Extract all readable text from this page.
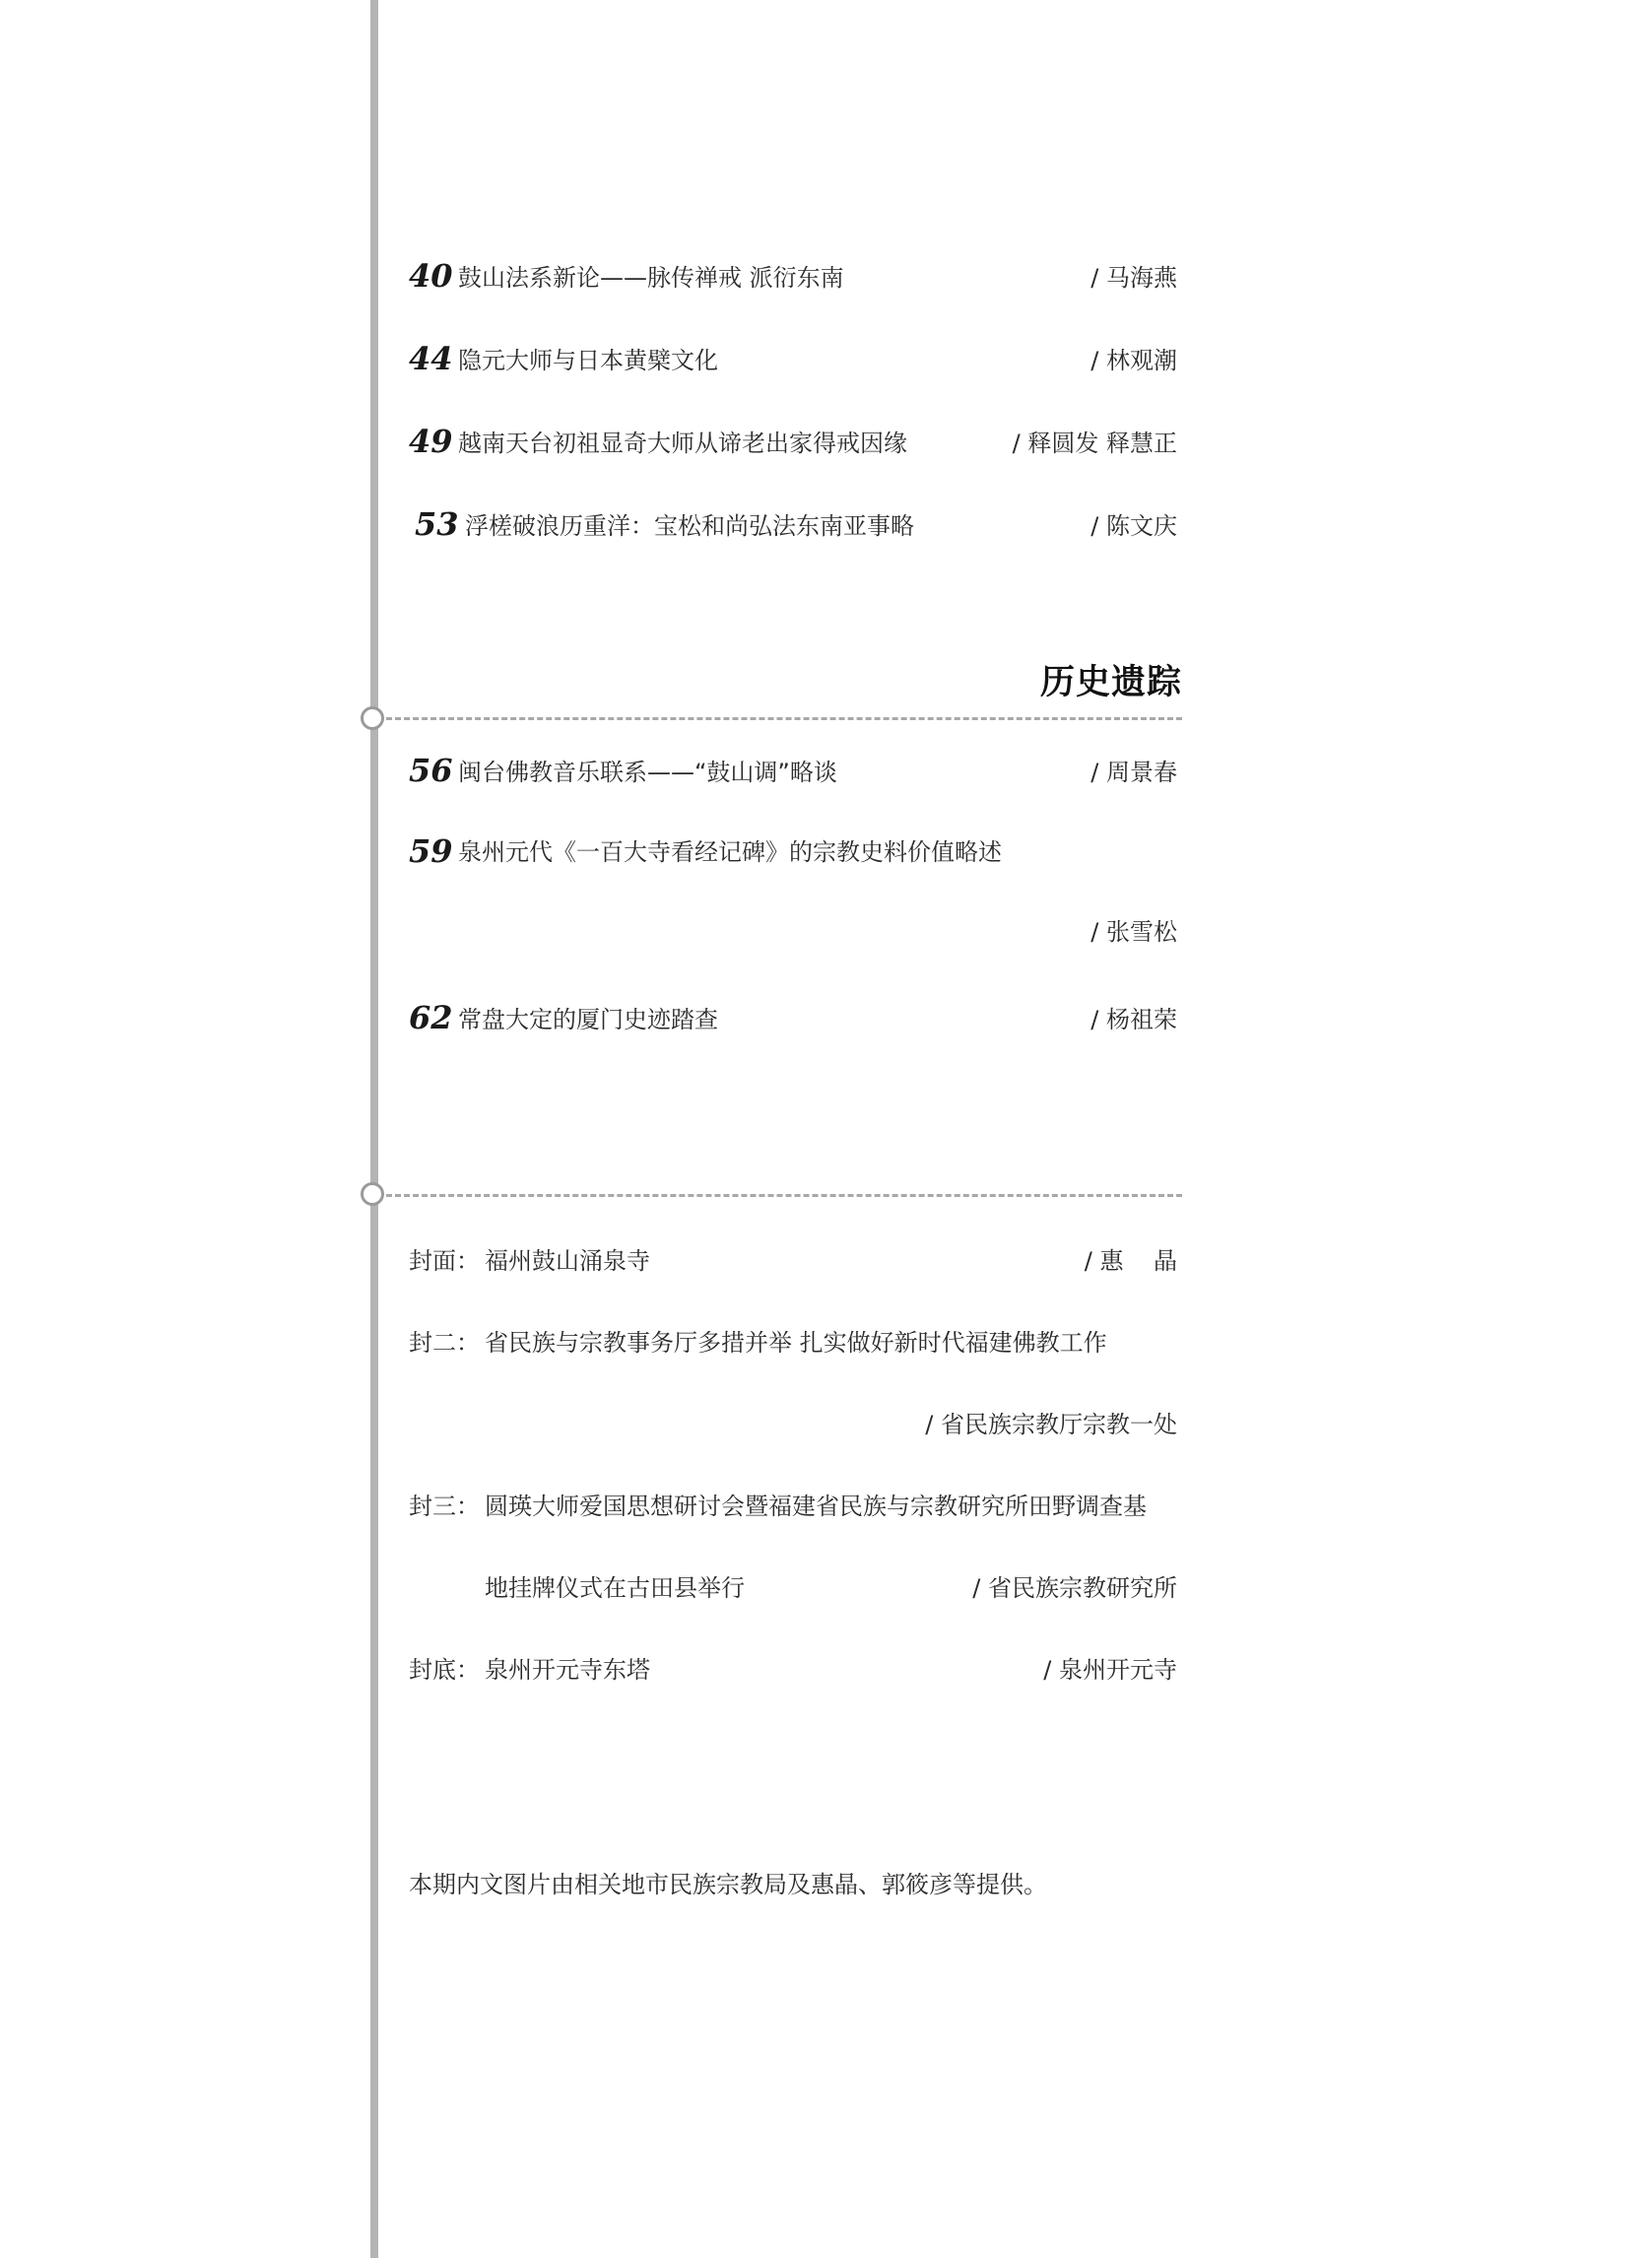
40 鼓山法系新论——脉传禅戒 派衍东南	/ 马海燕
44 隐元大师与日本黄檗文化	/ 林观潮
49 越南天台初祖显奇大师从谛老出家得戒因缘	/ 释圆发 释慧正
53 浮槎破浪历重洋：宝松和尚弘法东南亚事略	/ 陈文庆
历史遗踪
56 闽台佛教音乐联系——“鼓山调”略谈	/ 周景春
59 泉州元代《一百大寺看经记碑》的宗教史料价值略述
/ 张雪松
62 常盘大定的厦门史迹踏查	/ 杨祖荣
封面 ：	福州鼓山涌泉寺	/ 惠    晶
封二 ：	省民族与宗教事务厅多措并举 扎实做好新时代福建佛教工作
/ 省民族宗教厅宗教一处
封三 ：	圆瑛大师爱国思想研讨会暨福建省民族与宗教研究所田野调查基
地挂牌仪式在古田县举行	/ 省民族宗教研究所
封底 ：	泉州开元寺东塔	/ 泉州开元寺
本期内文图片由相关地市民族宗教局及惠晶、郭筱彦等提供。
